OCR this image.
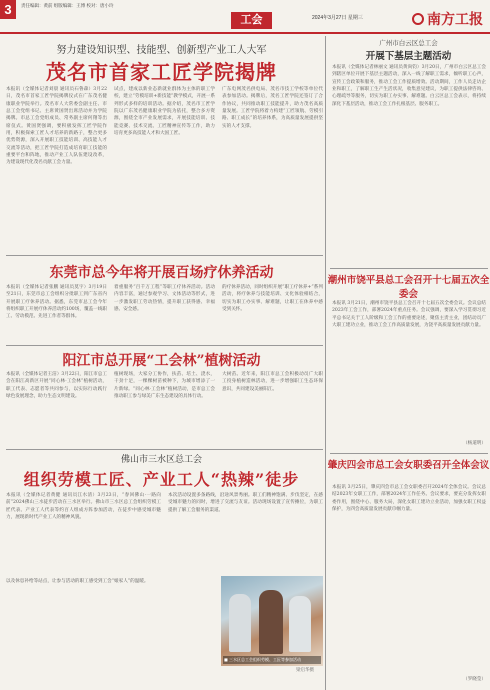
3	责任编辑：黄前 组版编辑：王博 校对：唐小玲
工会	2024年3月27日 星期三	南方工报
努力建设知识型、技能型、创新型产业工人大军
茂名市首家工匠学院揭牌
本报讯（全媒体记者刘晨 通讯员石鲁森）3月22日，茂名市首家工匠学院揭牌仪式在广东茂名健康职业学院举行。茂名市人大常委会副主任、市总工会党组书记、主席黄国贤出席活动并为学院揭牌。市总工会党组成员、常务副主席何翔等出席仪式。黄国贤强调，要积极发挥工匠学院作用，积极探索工匠人才培养的新路子，整合更多优势资源，深入开展职工技能培训、高技能人才交流等活动，把工匠学院打造成培育职工技能的重要平台和阵地，推动产业工人队伍建设改革，为建设现代化茂名贡献工会力量。
试点，建成以新业态新就业群体为主体的职工学校，建立“劳模培训+新技能”教学模式，开展一系列形式多样的培训活动。据介绍，茂名市工匠学院以广东茂名健康职业学院为依托，整合多方资源，围绕全市产业发展需求，开展技能培训、技能竞赛、技术交流、工匠精神宣传等工作，助力培育更多高技能人才和大国工匠。
广东电网茂名供电局、茂名市技工学校等单位代表参加活动。揭牌后，茂名工匠学院还签订了合作协议，共同推动职工技能提升，助力茂名高质量发展。工匠学院将着力构建“工匠领航、劳模引路、职工成长”的培养体系，为高质量发展提供坚实的人才支撑。
东莞市总今年将开展百场疗休养活动
本报讯（全媒体记者张鹏 通讯员莫宇）3月19日至21日，东莞市总工会组织分批职工到广东省内开展职工疗休养活动。据悉，东莞市总工会今年将组织职工开展疗休养活动约100场，覆盖一线职工、劳动模范、先进工作者等群体。
着重服务“百千万工程”等职工疗休养活动。活动内容丰富，通过参观学习、文体活动等形式，进一步激发职工劳动热情，提升职工获得感、幸福感、安全感。
的疗休养活动，同时组织开展“职工疗休养+”系列活动，将疗休养与技能培训、文化体验相结合，切实为职工办实事、解难题，让职工在休养中感受到关怀。
阳江市总开展“工会林”植树活动
本报讯（全媒体记者王洁）3月22日，阳江市总工会在阳江高新区开展“同心林·工会林”植树活动，职工代表、志愿者等共同参与，以实际行动践行绿色发展理念，助力生态文明建设。
植树现场，大家分工协作，扶苗、培土、浇水，干劲十足，一棵棵树苗被种下，为城市增添了一片新绿。“同心林·工会林”植树活动，是市总工会推动职工参与绿美广东生态建设的具体行动。
大树苗。近年来，阳江市总工会积极动员广大职工投身植树造林活动，进一步增强职工生态环保意识，共同建设美丽阳江。
佛山市三水区总工会
组织劳模工匠、产业工人“热辣”徒步
本报讯（全媒体记者黄健 通讯员江水清）3月23日，“春回佛山·一路向前”2024佛山三水徒步活动在三水区举行。佛山市三水区总工会组织劳模工匠代表、产业工人代表等约百人组成方阵参加活动，在徒步中感受城市魅力，展现新时代产业工人的精神风貌。
本次活动设置多条路线，沿途风景秀丽。职工们精神饱满、步伐坚定，在感受城市魅力的同时，增进了交流与友谊。活动现场设置了宣传摊位，为职工提供了解工会服务的渠道。
以及休息补给等站点，让参与活动的职工感受到工会“娘家人”的温暖。
■ 三水区总工会组织劳模、工匠等参加活动
梁启华摄
广州市白云区总工会
开展下基层主题活动
本报讯（全媒体记者林丽文 通讯员黄尚钧）3月20日，广州市白云区总工会到辖区单位开展下基层主题活动，深入一线了解职工需求，倾听职工心声，宣传工会政策和服务，推动工会工作提质增效。活动期间，工作人员走访企业和职工，了解职工生产生活状况，收集意见建议，为职工提供法律咨询、心理疏导等服务，切实为职工办实事、解难题。白云区总工会表示，将持续深化下基层活动，推动工会工作扎根基层、服务职工。
潮州市饶平县总工会召开十七届五次全委会
本报讯 3月21日，潮州市饶平县总工会召开十七届五次全委会议。会议总结2023年工会工作，部署2024年重点任务。会议强调，要深入学习贯彻习近平总书记关于工人阶级和工会工作的重要论述，聚焦主责主业，团结动员广大职工建功立业，推动工会工作高质量发展，为饶平高质量发展贡献力量。
（杨道明）
肇庆四会市总工会女职委召开全体会议
本报讯 3月25日，肇庆四会市总工会女职委召开2024年全体会议。会议总结2023年女职工工作，部署2024年工作任务。会议要求，要充分发挥女职委作用，围绕中心、服务大局，深化女职工建功立业活动，加强女职工权益保护，为四会高质量发展贡献巾帼力量。
（罗晓莹）
